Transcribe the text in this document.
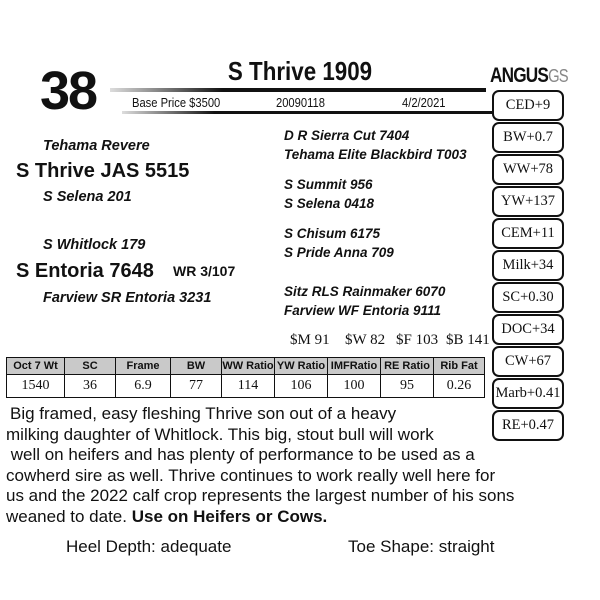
38	S Thrive 1909	ANGUSGS
Base Price $3500	20090118	4/2/2021
Tehama Revere
S Thrive JAS 5515
S Selena 201
S Whitlock 179
S Entoria 7648 WR 3/107
Farview SR Entoria 3231
D R Sierra Cut 7404
Tehama Elite Blackbird T003
S Summit 956
S Selena 0418
S Chisum 6175
S Pride Anna 709
Sitz RLS Rainmaker 6070
Farview WF Entoria 9111
CED+9
BW+0.7
WW+78
YW+137
CEM+11
Milk+34
SC+0.30
DOC+34
CW+67
Marb+0.41
RE+0.47
$M 91 $W 82 $F 103 $B 141
Oct 7 Wt	SC	Frame	BW	WW Ratio	YW Ratio	IMFRatio	RE Ratio	Rib Fat
1540	36	6.9	77	114	106	100	95	0.26
Big framed, easy fleshing Thrive son out of a heavy
milking daughter of Whitlock. This big, stout bull will work
well on heifers and has plenty of performance to be used as a
cowherd sire as well. Thrive continues to work really well here for
us and the 2022 calf crop represents the largest number of his sons
weaned to date. Use on Heifers or Cows.
Heel Depth: adequate	Toe Shape: straight
